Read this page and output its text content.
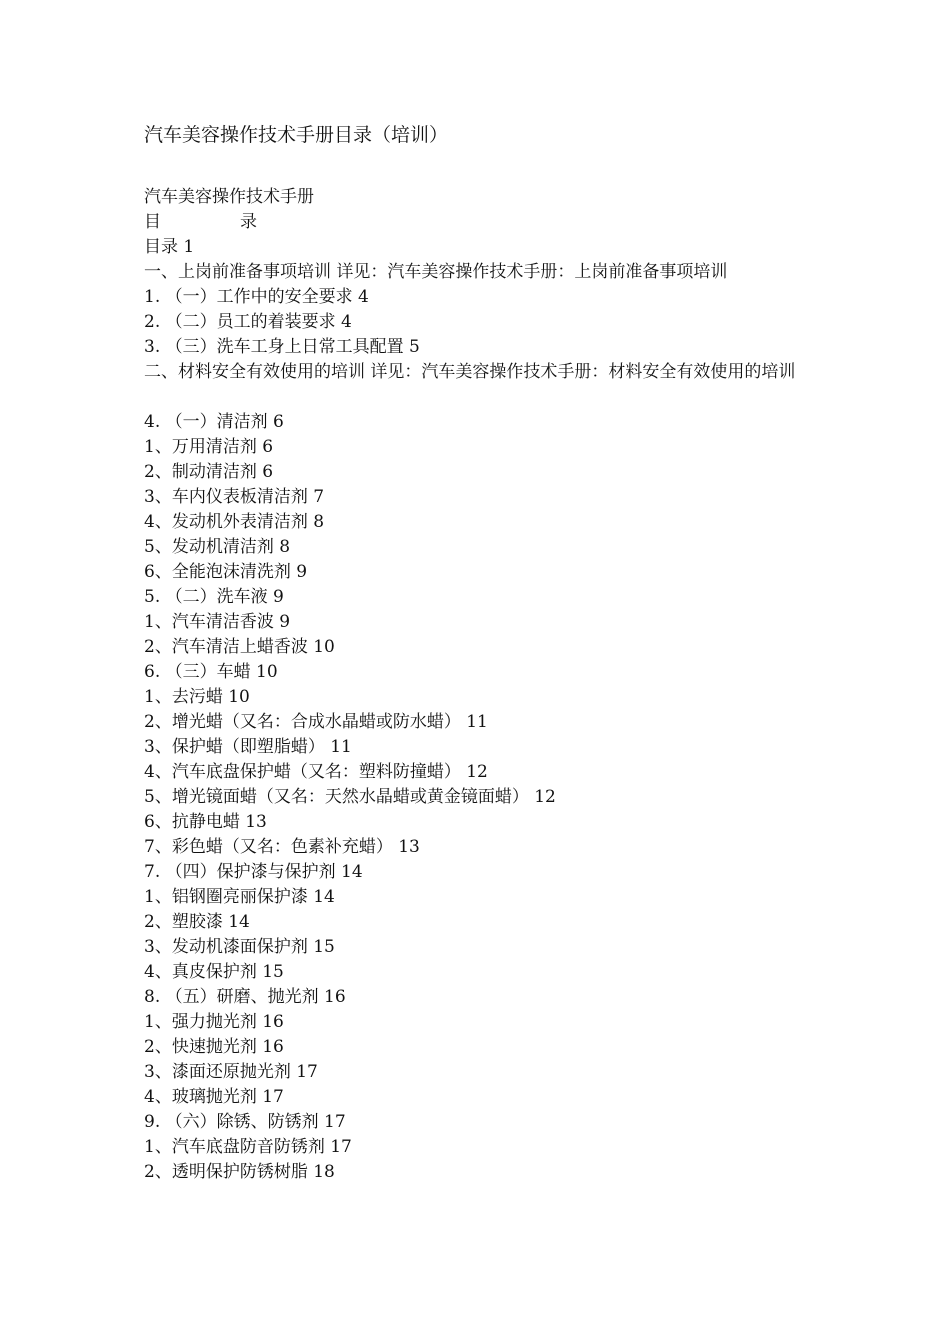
汽车美容操作技术手册目录（培训）
汽车美容操作技术手册
目	录
目录 1
一、上岗前准备事项培训 详见：汽车美容操作技术手册：上岗前准备事项培训
1. （一）工作中的安全要求 4
2. （二）员工的着装要求 4
3. （三）洗车工身上日常工具配置 5
二、材料安全有效使用的培训 详见：汽车美容操作技术手册：材料安全有效使用的培训
4. （一）清洁剂 6
1、万用清洁剂 6
2、制动清洁剂 6
3、车内仪表板清洁剂 7
4、发动机外表清洁剂 8
5、发动机清洁剂 8
6、全能泡沫清洗剂 9
5. （二）洗车液 9
1、汽车清洁香波 9
2、汽车清洁上蜡香波 10
6. （三）车蜡 10
1、去污蜡 10
2、增光蜡（又名：合成水晶蜡或防水蜡） 11
3、保护蜡（即塑脂蜡） 11
4、汽车底盘保护蜡（又名：塑料防撞蜡） 12
5、增光镜面蜡（又名：天然水晶蜡或黄金镜面蜡） 12
6、抗静电蜡 13
7、彩色蜡（又名：色素补充蜡） 13
7. （四）保护漆与保护剂 14
1、铝钢圈亮丽保护漆 14
2、塑胶漆 14
3、发动机漆面保护剂 15
4、真皮保护剂 15
8. （五）研磨、抛光剂 16
1、强力抛光剂 16
2、快速抛光剂 16
3、漆面还原抛光剂 17
4、玻璃抛光剂 17
9. （六）除锈、防锈剂 17
1、汽车底盘防音防锈剂 17
2、透明保护防锈树脂 18
